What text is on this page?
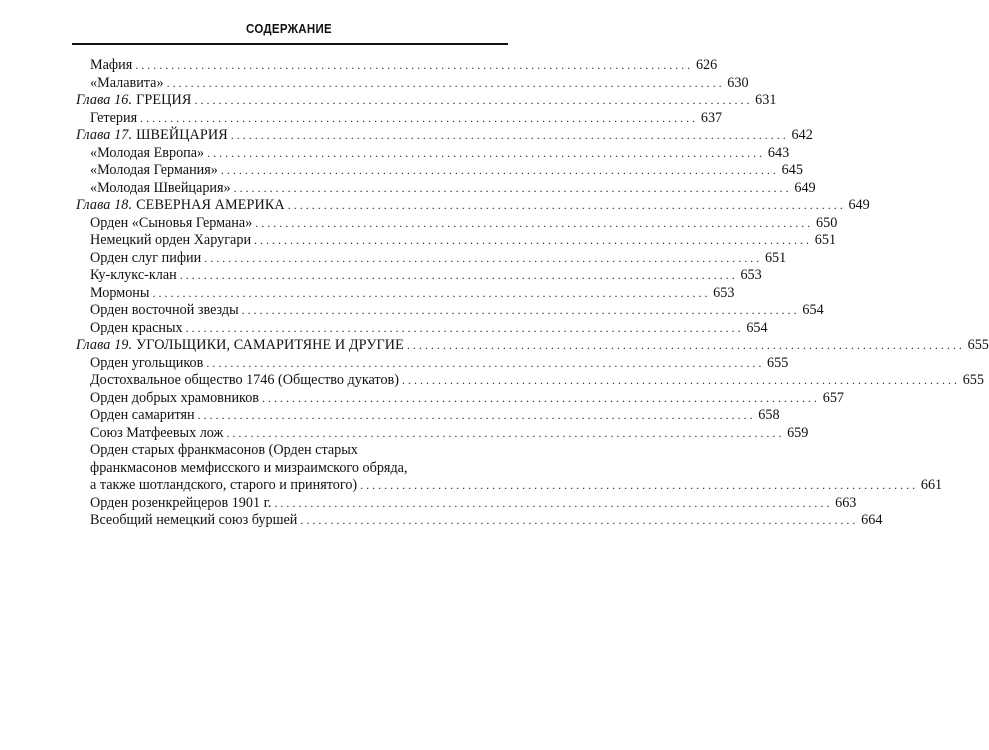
СОДЕРЖАНИЕ
Мафия . . .	626
«Малавита» . . .	630
Глава 16. ГРЕЦИЯ . . .	631
Гетерия . . .	637
Глава 17. ШВЕЙЦАРИЯ . . .	642
«Молодая Европа» . . .	643
«Молодая Германия» . . .	645
«Молодая Швейцария» . . .	649
Глава 18. СЕВЕРНАЯ АМЕРИКА . . .	649
Орден «Сыновья Германа» . . .	650
Немецкий орден Харугари . . .	651
Орден слуг пифии . . .	651
Ку-клукс-клан . . .	653
Мормоны . . .	653
Орден восточной звезды . . .	654
Орден красных . . .	654
Глава 19. УГОЛЬЩИКИ, САМАРИТЯНЕ И ДРУГИЕ . . .	655
Орден угольщиков . . .	655
Достохвальное общество 1746 (Общество дукатов) . . .	655
Орден добрых храмовников . . .	657
Орден самаритян . . .	658
Союз Матфеевых лож . . .	659
Орден старых франкмасонов (Орден старых
франкмасонов мемфисского и мизраимского обряда,
а также шотландского, старого и принятого) . . .	661
Орден розенкрейцеров 1901 г. . . .	663
Всеобщий немецкий союз буршей . . .	664
